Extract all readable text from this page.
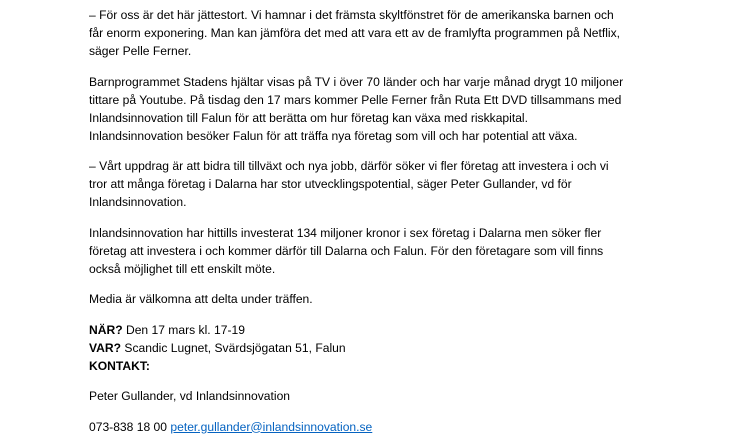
– För oss är det här jättestort. Vi hamnar i det främsta skyltfönstret för de amerikanska barnen och
får enorm exponering. Man kan jämföra det med att vara ett av de framlyfta programmen på Netflix,
säger Pelle Ferner.

Barnprogrammet Stadens hjältar visas på TV i över 70 länder och har varje månad drygt 10 miljoner
tittare på Youtube. På tisdag den 17 mars kommer Pelle Ferner från Ruta Ett DVD tillsammans med
Inlandsinnovation till Falun för att berätta om hur företag kan växa med riskkapital.
Inlandsinnovation besöker Falun för att träffa nya företag som vill och har potential att växa.

– Vårt uppdrag är att bidra till tillväxt och nya jobb, därför söker vi fler företag att investera i och vi
tror att många företag i Dalarna har stor utvecklingspotential, säger Peter Gullander, vd för
Inlandsinnovation.

Inlandsinnovation har hittills investerat 134 miljoner kronor i sex företag i Dalarna men söker fler
företag att investera i och kommer därför till Dalarna och Falun. För den företagare som vill finns
också möjlighet till ett enskilt möte.

Media är välkomna att delta under träffen.

NÄR? Den 17 mars kl. 17-19
VAR? Scandic Lugnet, Svärdsjögatan 51, Falun
KONTAKT:

Peter Gullander, vd Inlandsinnovation

073-838 18 00 peter.gullander@inlandsinnovation.se
